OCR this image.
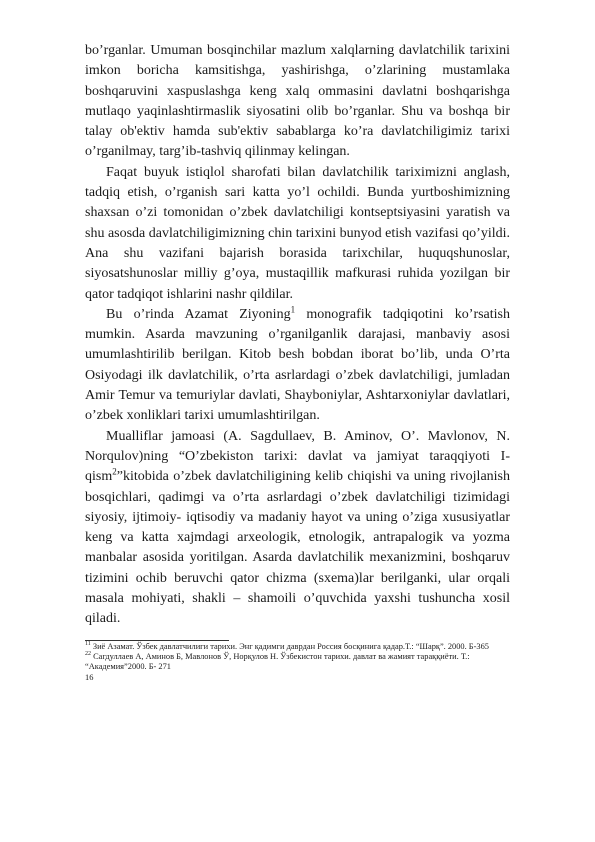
bo’rganlar. Umuman bosqinchilar mazlum xalqlarning davlatchilik tarixini imkon boricha kamsitishga, yashirishga, o’zlarining mustamlaka boshqaruvini xaspuslashga keng xalq ommasini davlatni boshqarishga mutlaqo yaqinlashtirmaslik siyosatini olib bo’rganlar. Shu va boshqa bir talay ob'ektiv hamda sub'ektiv sabablarga ko’ra davlatchiligimiz tarixi o’rganilmay, targ’ib-tashviq qilinmay kelingan.

Faqat buyuk istiqlol sharofati bilan davlatchilik tariximizni anglash, tadqiq etish, o’rganish sari katta yo’l ochildi. Bunda yurtboshimizning shaxsan o’zi tomonidan o’zbek davlatchiligi kontseptsiyasini yaratish va shu asosda davlatchiligimizning chin tarixini bunyod etish vazifasi qo’yildi. Ana shu vazifani bajarish borasida tarixchilar, huquqshunoslar, siyosatshunoslar milliy g’oya, mustaqillik mafkurasi ruhida yozilgan bir qator tadqiqot ishlarini nashr qildilar.

Bu o’rinda Azamat Ziyoning$^1$ monografik tadqiqotini ko’rsatish mumkin. Asarda mavzuning o’rganilganlik darajasi, manbaviy asosi umumlashtirilib berilgan. Kitob besh bobdan iborat bo’lib, unda O’rta Osiyodagi ilk davlatchilik, o’rta asrlardagi o’zbek davlatchiligi, jumladan Amir Temur va temuriylar davlati, Shayboniylar, Ashtarxoniylar davlatlari, o’zbek xonliklari tarixi umumlashtirilgan.

Mualliflar jamoasi (A. Sagdullaev, B. Aminov, O’. Mavlonov, N. Norqulov)ning “O’zbekiston tarixi: davlat va jamiyat taraqqiyoti I-qism$^2$”kitobida o’zbek davlatchiligining kelib chiqishi va uning rivojlanish bosqichlari, qadimgi va o’rta asrlardagi o’zbek davlatchiligi tizimidagi siyosiy, ijtimoiy- iqtisodiy va madaniy hayot va uning o’ziga xususiyatlar keng va katta xajmdagi arxeologik, etnologik, antrapalogik va yozma manbalar asosida yoritilgan. Asarda davlatchilik mexanizmini, boshqaruv tizimini ochib beruvchi qator chizma (sxema)lar berilganki, ular orqali masala mohiyati, shakli – shamoili o’quvchida yaxshi tushuncha xosil qiladi.

$^{11}$ Зиё Азамат. Ўзбек давлатчилиги тарихи. Энг қадимги даврдан Россия босқинига қадар.Т.: “Шарқ”. 2000. Б-365

$^{22}$ Сагдуллаев А, Аминов Б, Мавлонов Ў, Норқулов Н. Ўзбекистон тарихи. давлат ва жамият тараққиёти. Т.: “Академия”2000. Б- 271

16
